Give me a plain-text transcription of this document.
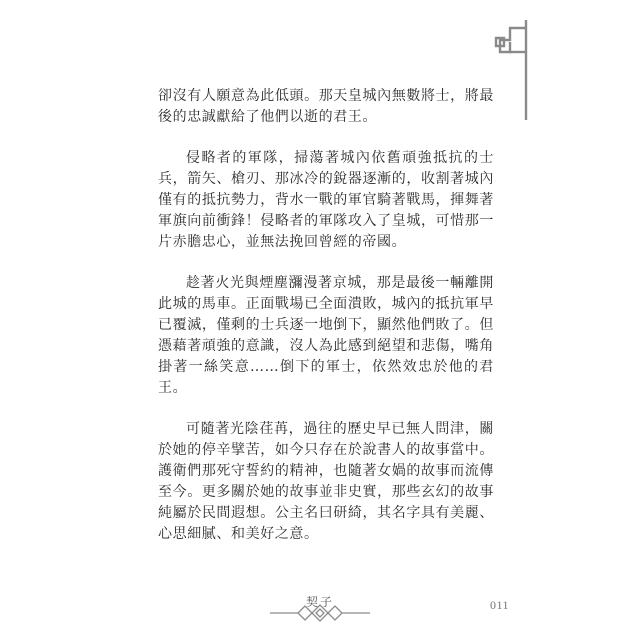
卻沒有人願意為此低頭。那天皇城內無數將士，將最後的忠誠獻給了他們以逝的君王。

侵略者的軍隊，掃蕩著城內依舊頑強抵抗的士兵，箭矢、槍刃、那冰冷的銳器逐漸的，收割著城內僅有的抵抗勢力，背水一戰的軍官騎著戰馬，揮舞著軍旗向前衝鋒！侵略者的軍隊攻入了皇城，可惜那一片赤膽忠心，並無法挽回曾經的帝國。

趁著火光與煙塵瀰漫著京城，那是最後一輛離開此城的馬車。正面戰場已全面潰敗，城內的抵抗軍早已覆滅，僅剩的士兵逐一地倒下，顯然他們敗了。但憑藉著頑強的意識，沒人為此感到絕望和悲傷，嘴角掛著一絲笑意……倒下的軍士，依然效忠於他的君王。

可隨著光陰荏苒，過往的歷史早已無人問津，關於她的停辛擘苦，如今只存在於說書人的故事當中。護衛們那死守誓約的精神，也隨著女媧的故事而流傳至今。更多關於她的故事並非史實，那些玄幻的故事純屬於民間遐想。公主名曰研綺，其名字具有美麗、心思細膩、和美好之意。

契子	011
